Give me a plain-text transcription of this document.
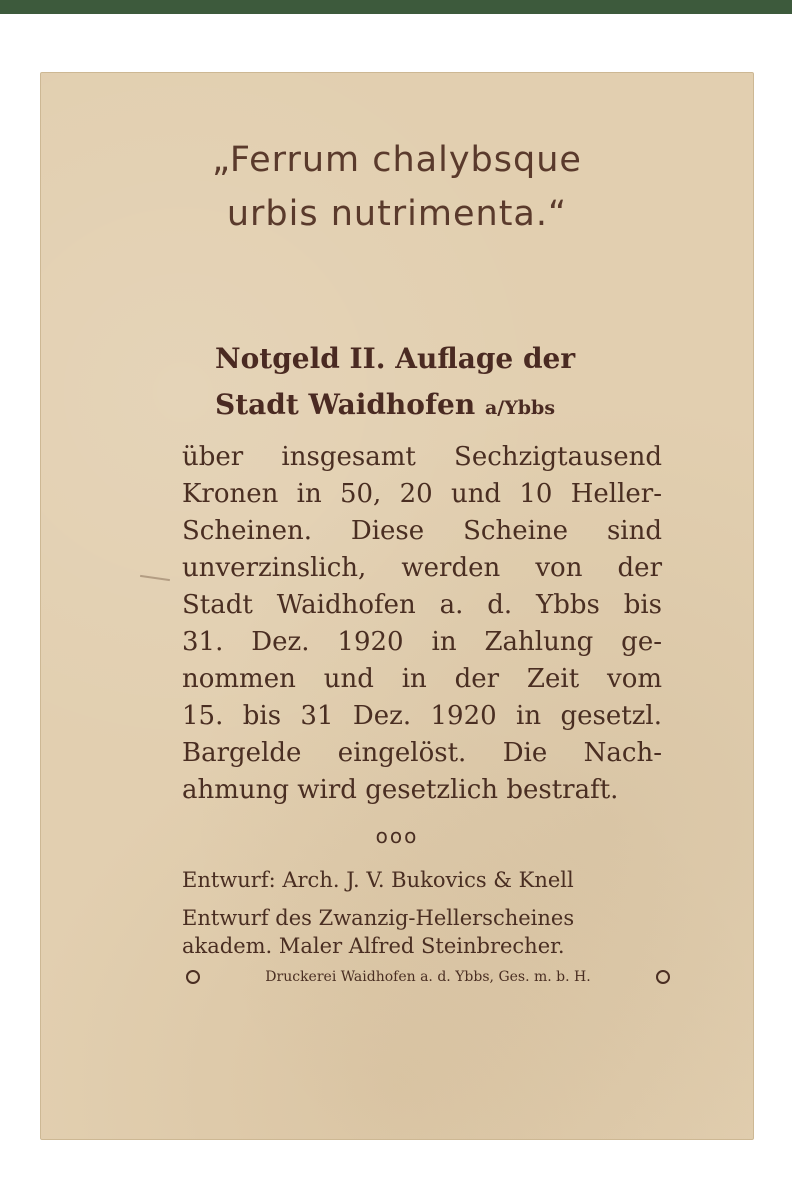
„Ferrum chalybsque
urbis nutrimenta.“
Notgeld II. Auflage der
Stadt Waidhofen a/Ybbs
über insgesamt Sechzigtausend
Kronen in 50, 20 und 10 Heller-
Scheinen. Diese Scheine sind
unverzinslich, werden von der
Stadt Waidhofen a. d. Ybbs bis
31. Dez. 1920 in Zahlung ge-
nommen und in der Zeit vom
15. bis 31 Dez. 1920 in gesetzl.
Bargelde eingelöst. Die Nach-
ahmung wird gesetzlich bestraft.
ooo
Entwurf: Arch. J. V. Bukovics & Knell
Entwurf des Zwanzig-Hellerscheines
akadem. Maler Alfred Steinbrecher.
Druckerei Waidhofen a. d. Ybbs, Ges. m. b. H.
